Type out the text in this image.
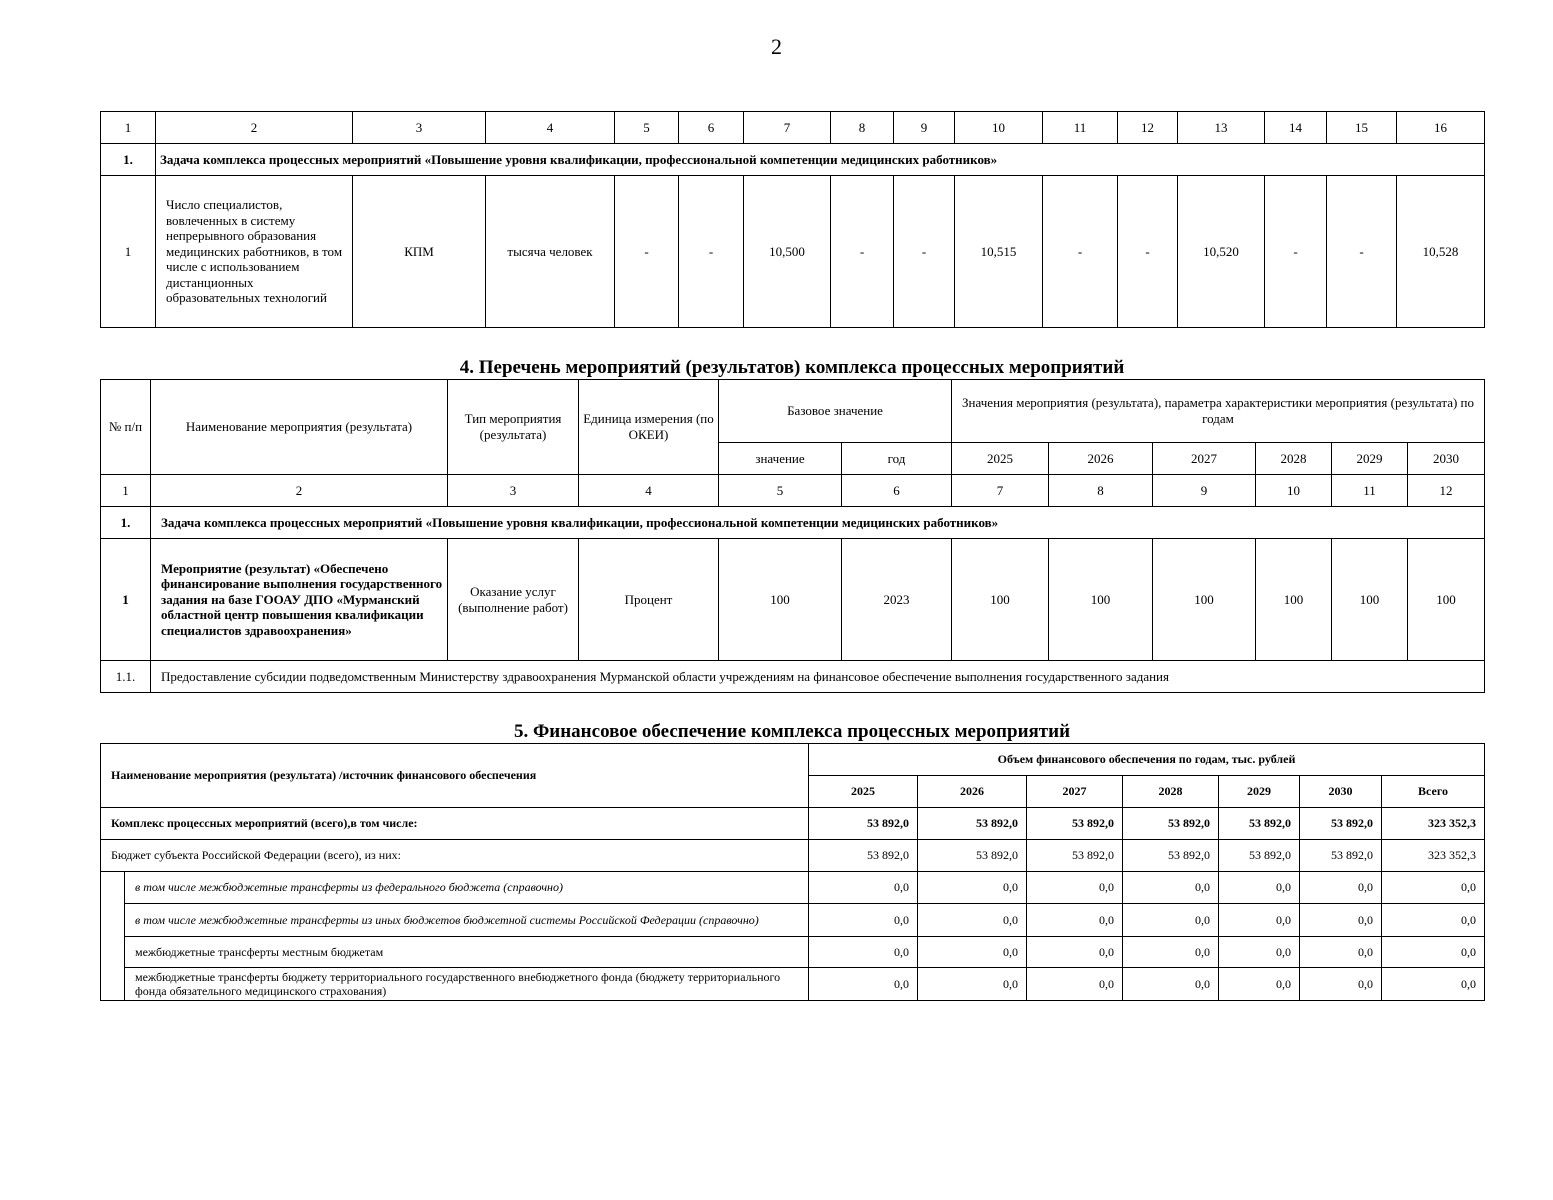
2
1	2	3	4	5	6	7	8	9	10	11	12	13	14	15	16
1.	Задача комплекса процессных мероприятий «Повышение уровня квалификации, профессиональной компетенции медицинских работников»														
1	Число специалистов, вовлеченных в систему непрерывного образования медицинских работников, в том числе с использованием дистанционных образовательных технологий	КПМ	тысяча человек	-	-	10,500	-	-	10,515	-	-	10,520	-	-	10,528
4. Перечень мероприятий (результатов) комплекса процессных мероприятий
№ п/п	Наименование мероприятия (результата)	Тип мероприятия (результата)	Единица измерения (по ОКЕИ)	Базовое значение		Значения мероприятия (результата), параметра характеристики мероприятия (результата) по годам					
				значение	год	2025	2026	2027	2028	2029	2030
1	2	3	4	5	6	7	8	9	10	11	12
1.	Задача комплекса процессных мероприятий «Повышение уровня квалификации, профессиональной компетенции медицинских работников»										
1	Мероприятие (результат) «Обеспечено финансирование выполнения государственного задания на базе ГООАУ ДПО «Мурманский областной центр повышения квалификации специалистов здравоохранения»	Оказание услуг (выполнение работ)	Процент	100	2023	100	100	100	100	100	100
1.1.	Предоставление субсидии подведомственным Министерству здравоохранения Мурманской области учреждениям на финансовое обеспечение выполнения государственного задания										
5. Финансовое обеспечение комплекса процессных мероприятий
Наименование мероприятия (результата) /источник финансового обеспечения		Объем финансового обеспечения по годам, тыс. рублей						
		2025	2026	2027	2028	2029	2030	Всего
Комплекс процессных мероприятий (всего),в том числе:		53 892,0	53 892,0	53 892,0	53 892,0	53 892,0	53 892,0	323 352,3
Бюджет субъекта Российской Федерации (всего), из них:		53 892,0	53 892,0	53 892,0	53 892,0	53 892,0	53 892,0	323 352,3
	в том числе межбюджетные трансферты из федерального бюджета (справочно)	0,0	0,0	0,0	0,0	0,0	0,0	0,0
	в том числе межбюджетные трансферты из иных бюджетов бюджетной системы Российской Федерации (справочно)	0,0	0,0	0,0	0,0	0,0	0,0	0,0
	межбюджетные трансферты местным бюджетам	0,0	0,0	0,0	0,0	0,0	0,0	0,0
	межбюджетные трансферты бюджету территориального государственного внебюджетного фонда (бюджету территориального фонда обязательного медицинского страхования)	0,0	0,0	0,0	0,0	0,0	0,0	0,0
